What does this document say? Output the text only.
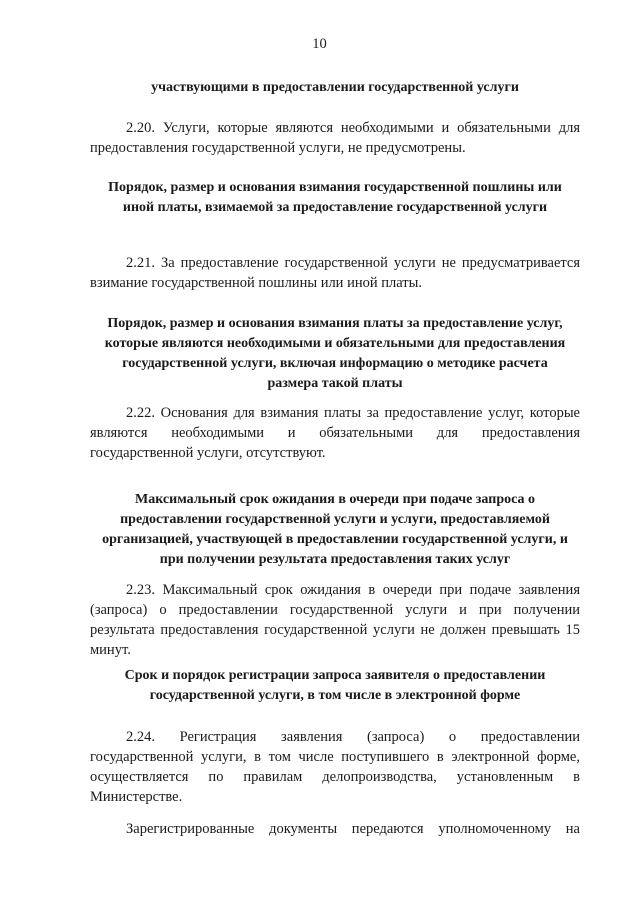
10
участвующими в предоставлении государственной услуги
2.20. Услуги, которые являются необходимыми и обязательными для предоставления государственной услуги, не предусмотрены.
Порядок, размер и основания взимания государственной пошлины или иной платы, взимаемой за предоставление государственной услуги
2.21. За предоставление государственной услуги не предусматривается взимание государственной пошлины или иной платы.
Порядок, размер и основания взимания платы за предоставление услуг, которые являются необходимыми и обязательными для предоставления государственной услуги, включая информацию о методике расчета размера такой платы
2.22. Основания для взимания платы за предоставление услуг, которые являются необходимыми и обязательными для предоставления государственной услуги, отсутствуют.
Максимальный срок ожидания в очереди при подаче запроса о предоставлении государственной услуги и услуги, предоставляемой организацией, участвующей в предоставлении государственной услуги, и при получении результата предоставления таких услуг
2.23. Максимальный срок ожидания в очереди при подаче заявления (запроса) о предоставлении государственной услуги и при получении результата предоставления государственной услуги не должен превышать 15 минут.
Срок и порядок регистрации запроса заявителя о предоставлении государственной услуги, в том числе в электронной форме
2.24. Регистрация заявления (запроса) о предоставлении государственной услуги, в том числе поступившего в электронной форме, осуществляется по правилам делопроизводства, установленным в Министерстве.
Зарегистрированные документы передаются уполномоченному на
